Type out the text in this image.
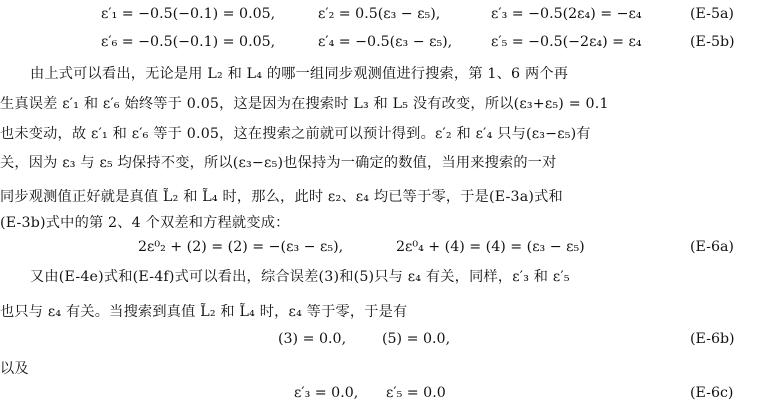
ε′₁ = −0.5(−0.1) = 0.05,	ε′₂ = 0.5(ε₃ − ε₅),	ε′₃ = −0.5(2ε₄) = −ε₄	(E-5a)
ε′₆ = −0.5(−0.1) = 0.05,	ε′₄ = −0.5(ε₃ − ε₅),	ε′₅ = −0.5(−2ε₄) = ε₄	(E-5b)
由上式可以看出，无论是用 L₂ 和 L₄ 的哪一组同步观测值进行搜索，第 1、6 两个再
生真误差 ε′₁ 和 ε′₆ 始终等于 0.05，这是因为在搜索时 L₃ 和 L₅ 没有改变，所以(ε₃+ε₅) = 0.1
也未变动，故 ε′₁ 和 ε′₆ 等于 0.05，这在搜索之前就可以预计得到。ε′₂ 和 ε′₄ 只与(ε₃−ε₅)有
关，因为 ε₃ 与 ε₅ 均保持不变，所以(ε₃−ε₅)也保持为一确定的数值，当用来搜索的一对
同步观测值正好就是真值 L̃₂ 和 L̃₄ 时，那么，此时 ε₂、ε₄ 均已等于零，于是(E-3a)式和
(E-3b)式中的第 2、4 个双差和方程就变成：
2ε⁰₂ + (2) = (2) = −(ε₃ − ε₅),	2ε⁰₄ + (4) = (4) = (ε₃ − ε₅)	(E-6a)
又由(E-4e)式和(E-4f)式可以看出，综合误差(3)和(5)只与 ε₄ 有关，同样，ε′₃ 和 ε′₅
也只与 ε₄ 有关。当搜索到真值 L̃₂ 和 L̃₄ 时，ε₄ 等于零，于是有
(3) = 0.0,	(5) = 0.0,	(E-6b)
以及
ε′₃ = 0.0, ε′₅ = 0.0	(E-6c)
